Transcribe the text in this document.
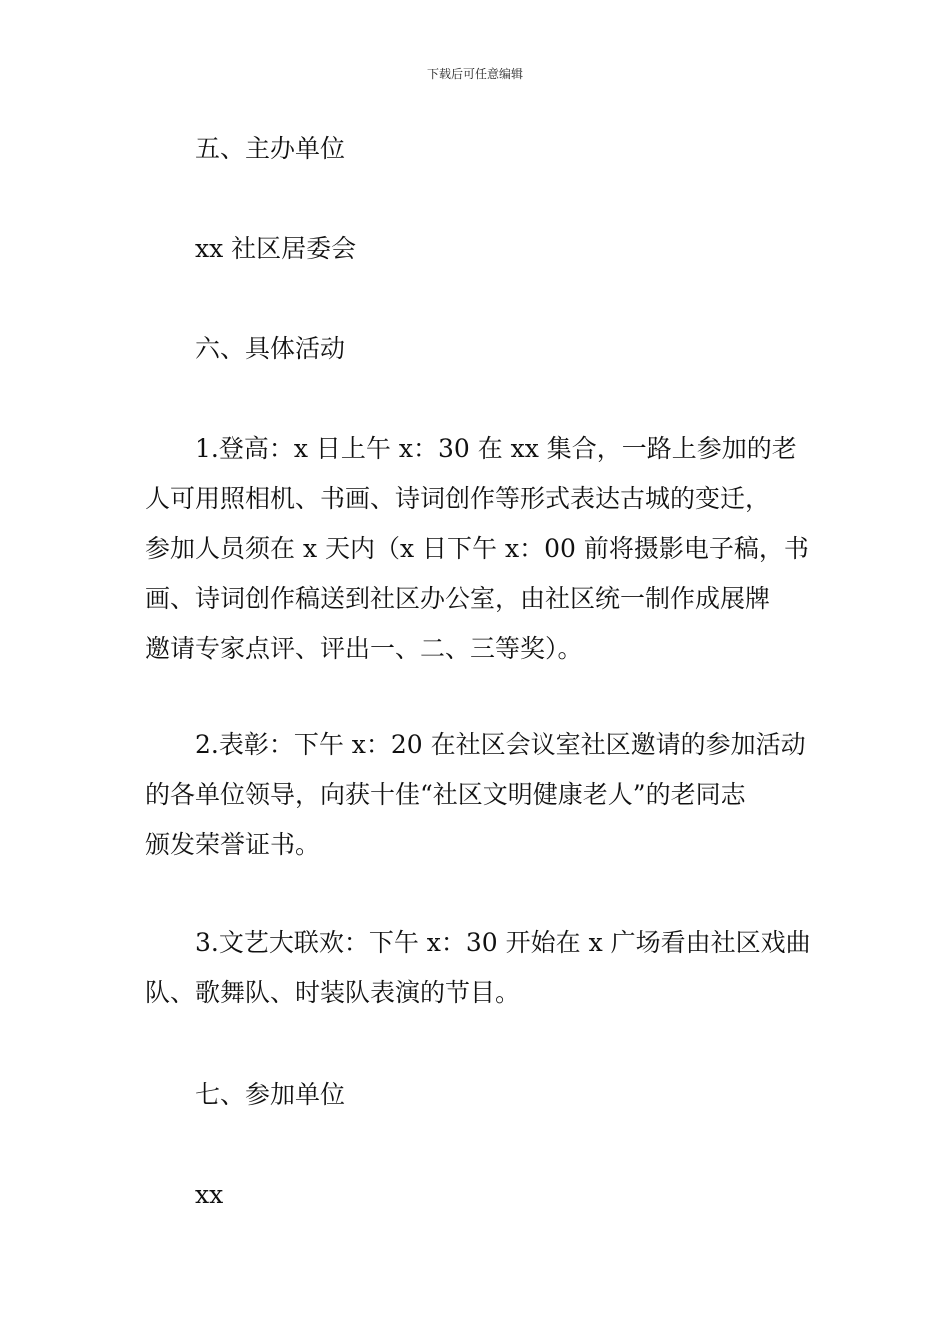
下载后可任意编辑

五、主办单位

xx 社区居委会

六、具体活动

1.登高：x 日上午 x：30 在 xx 集合，一路上参加的老
人可用照相机、书画、诗词创作等形式表达古城的变迁，
参加人员须在 x 天内（x 日下午 x：00 前将摄影电子稿，书
画、诗词创作稿送到社区办公室，由社区统一制作成展牌
邀请专家点评、评出一、二、三等奖）。

2.表彰：下午 x：20 在社区会议室社区邀请的参加活动
的各单位领导，向获十佳“社区文明健康老人”的老同志
颁发荣誉证书。

3.文艺大联欢：下午 x：30 开始在 x 广场看由社区戏曲
队、歌舞队、时装队表演的节目。

七、参加单位

xx
